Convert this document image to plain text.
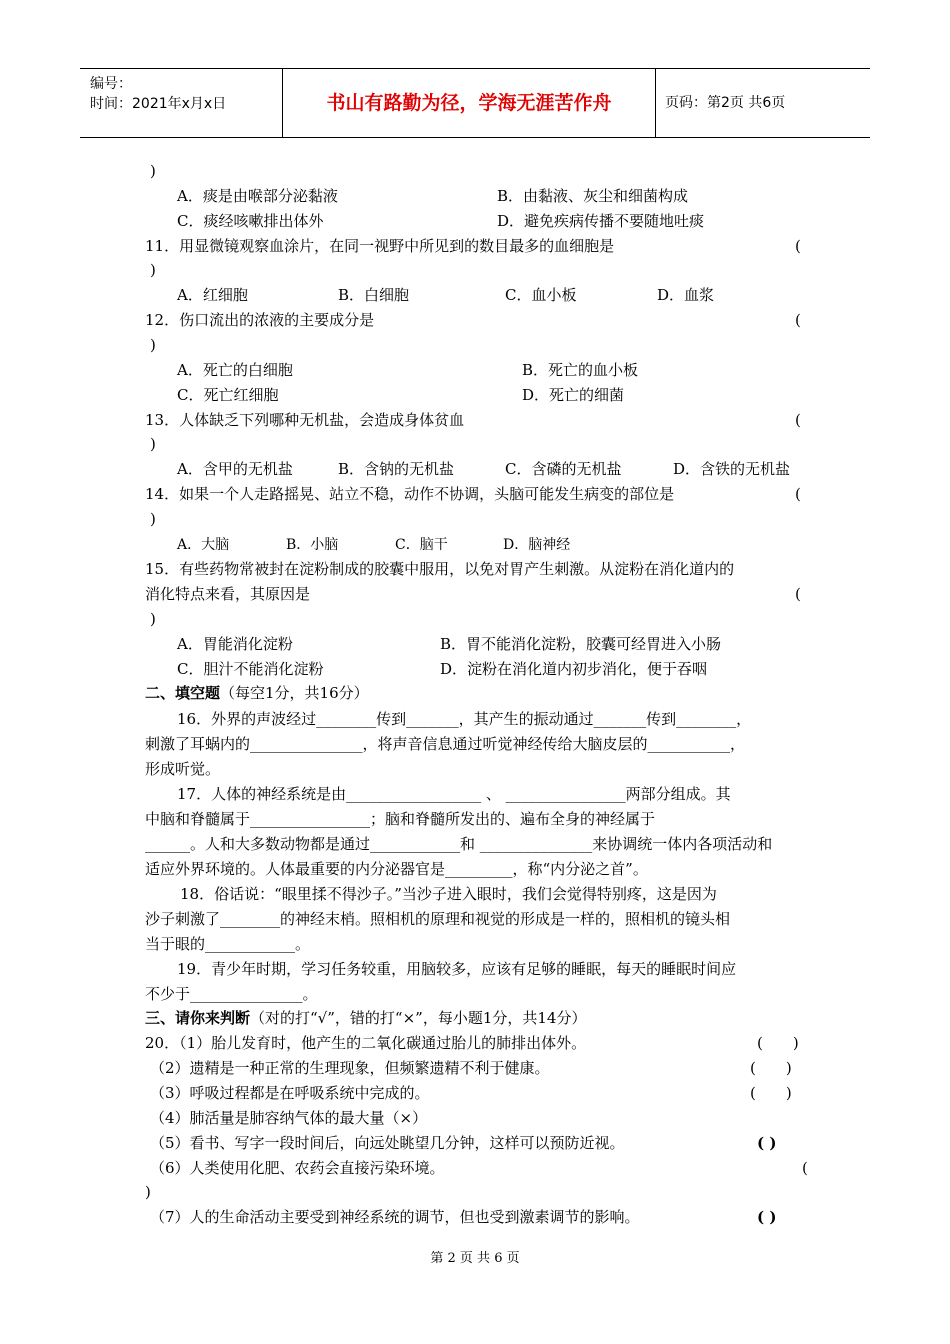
编号：
时间：2021年x月x日	书山有路勤为径，学海无涯苦作舟	页码：第2页 共6页
)
A．痰是由喉部分泌黏液	B．由黏液、灰尘和细菌构成
C．痰经咳嗽排出体外	D．避免疾病传播不要随地吐痰
11．用显微镜观察血涂片，在同一视野中所见到的数目最多的血细胞是	(
)
A．红细胞	B．白细胞	C．血小板	D．血浆
12．伤口流出的浓液的主要成分是	(
)
A．死亡的白细胞	B．死亡的血小板
C．死亡红细胞	D．死亡的细菌
13．人体缺乏下列哪种无机盐，会造成身体贫血	(
)
A．含甲的无机盐	B．含钠的无机盐	C．含磷的无机盐	D．含铁的无机盐
14．如果一个人走路摇晃、站立不稳，动作不协调，头脑可能发生病变的部位是	(
)
A．大脑	B．小脑	C．脑干	D．脑神经
15．有些药物常被封在淀粉制成的胶囊中服用，以免对胃产生刺激。从淀粉在消化道内的
消化特点来看，其原因是	(
)
A．胃能消化淀粉	B．胃不能消化淀粉，胶囊可经胃进入小肠
C．胆汁不能消化淀粉	D．淀粉在消化道内初步消化，便于吞咽
二、填空题（每空1分，共16分）
16．外界的声波经过________传到_______，其产生的振动通过_______传到________，
刺激了耳蜗内的_______________，将声音信息通过听觉神经传给大脑皮层的___________，
形成听觉。
17．人体的神经系统是由__________________ 、 ________________两部分组成。其
中脑和脊髓属于________________；脑和脊髓所发出的、遍布全身的神经属于
______。人和大多数动物都是通过____________和 _______________来协调统一体内各项活动和
适应外界环境的。人体最重要的内分泌器官是_________，称“内分泌之首”。
18．俗话说：“眼里揉不得沙子。”当沙子进入眼时，我们会觉得特别疼，这是因为
沙子刺激了________的神经末梢。照相机的原理和视觉的形成是一样的，照相机的镜头相
当于眼的____________。
19．青少年时期，学习任务较重，用脑较多，应该有足够的睡眠，每天的睡眠时间应
不少于_______________。
三、请你来判断（对的打“√”，错的打“×”，每小题1分，共14分）
20．（1）胎儿发育时，他产生的二氧化碳通过胎儿的肺排出体外。	(　　)
（2）遗精是一种正常的生理现象，但频繁遗精不利于健康。	(　　)
（3）呼吸过程都是在呼吸系统中完成的。	(　　)
（4）肺活量是肺容纳气体的最大量（×）
（5）看书、写字一段时间后，向远处眺望几分钟，这样可以预防近视。	( )
（6）人类使用化肥、农药会直接污染环境。	(
)
（7）人的生命活动主要受到神经系统的调节，但也受到激素调节的影响。	( )
第 2 页 共 6 页
